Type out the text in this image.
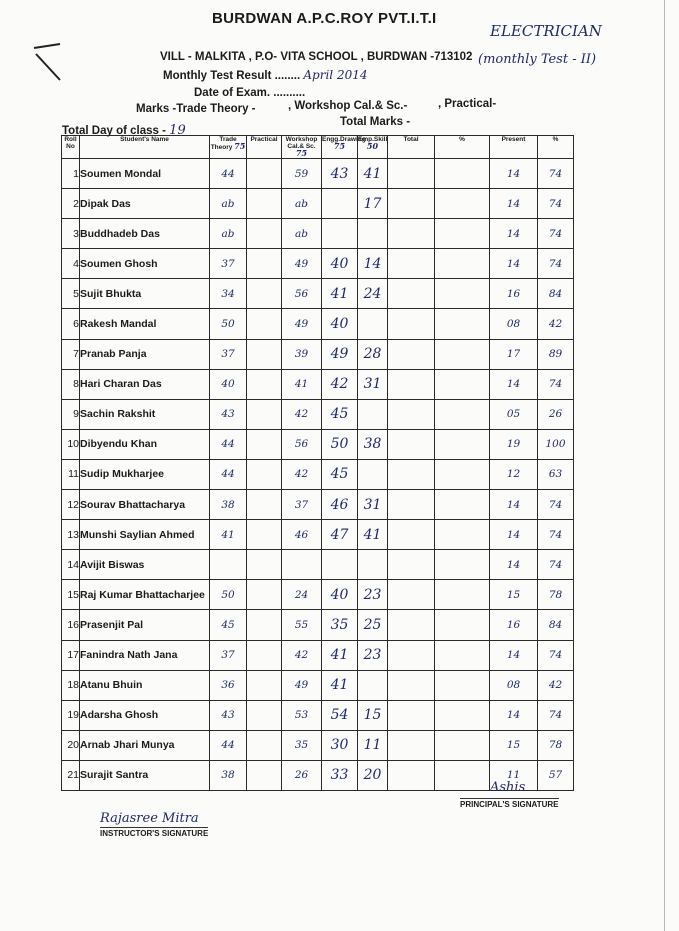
BURDWAN A.P.C.ROY PVT.I.T.I
ELECTRICIAN
VILL - MALKITA , P.O- VITA SCHOOL , BURDWAN -713102 (monthly Test - II)
Monthly Test Result ........ April 2014
Date of Exam. ..........
Marks -Trade Theory -	, Workshop Cal.& Sc.-	, Practical-
Total Marks -
Total Day of class - 19
Roll No	Student's Name	Trade Theory 75	Practical	Workshop Cal.& Sc. 75	Engg.Drawing 75	Emp.Skill 50	Total	%	Present	%
1	Soumen Mondal	44		59	43	41			14	74
2	Dipak Das	ab		ab		17			14	74
3	Buddhadeb Das	ab		ab					14	74
4	Soumen Ghosh	37		49	40	14			14	74
5	Sujit Bhukta	34		56	41	24			16	84
6	Rakesh Mandal	50		49	40				08	42
7	Pranab Panja	37		39	49	28			17	89
8	Hari Charan Das	40		41	42	31			14	74
9	Sachin Rakshit	43		42	45				05	26
10	Dibyendu Khan	44		56	50	38			19	100
11	Sudip Mukharjee	44		42	45				12	63
12	Sourav Bhattacharya	38		37	46	31			14	74
13	Munshi Saylian Ahmed	41		46	47	41			14	74
14	Avijit Biswas								14	74
15	Raj Kumar Bhattacharjee	50		24	40	23			15	78
16	Prasenjit Pal	45		55	35	25			16	84
17	Fanindra Nath Jana	37		42	41	23			14	74
18	Atanu Bhuin	36		49	41				08	42
19	Adarsha Ghosh	43		53	54	15			14	74
20	Arnab Jhari Munya	44		35	30	11			15	78
21	Surajit Santra	38		26	33	20			11	57
Rajasree Mitra
INSTRUCTOR'S SIGNATURE
Ashis
PRINCIPAL'S SIGNATURE
